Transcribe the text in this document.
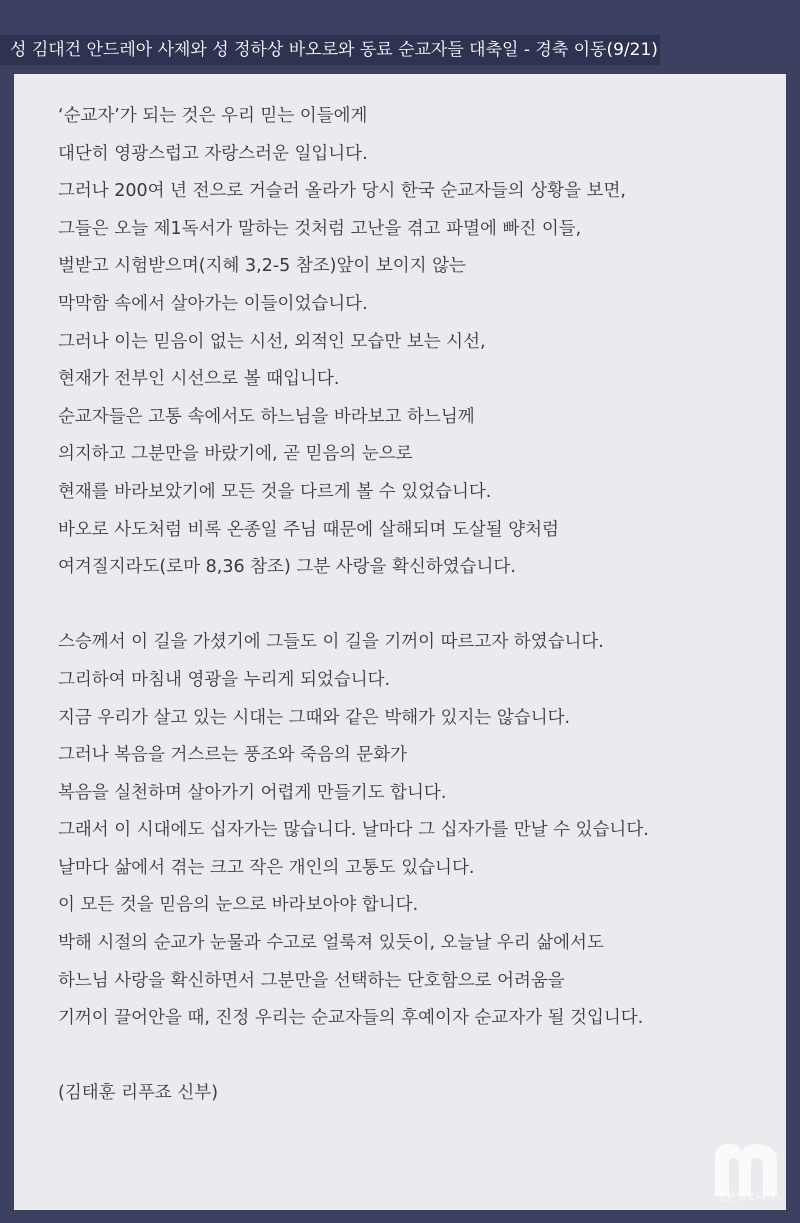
성 김대건 안드레아 사제와 성 정하상 바오로와 동료 순교자들 대축일 - 경축 이동(9/21)
‘순교자’가 되는 것은 우리 믿는 이들에게
대단히 영광스럽고 자랑스러운 일입니다.
그러나 200여 년 전으로 거슬러 올라가 당시 한국 순교자들의 상황을 보면,
그들은 오늘 제1독서가 말하는 것처럼 고난을 겪고 파멸에 빠진 이들,
벌받고 시험받으며(지혜 3,2-5 참조)앞이 보이지 않는
막막함 속에서 살아가는 이들이었습니다.
그러나 이는 믿음이 없는 시선, 외적인 모습만 보는 시선,
현재가 전부인 시선으로 볼 때입니다.
순교자들은 고통 속에서도 하느님을 바라보고 하느님께
의지하고 그분만을 바랐기에, 곧 믿음의 눈으로
현재를 바라보았기에 모든 것을 다르게 볼 수 있었습니다.
바오로 사도처럼 비록 온종일 주님 때문에 살해되며 도살될 양처럼
여겨질지라도(로마 8,36 참조) 그분 사랑을 확신하였습니다.
스승께서 이 길을 가셨기에 그들도 이 길을 기꺼이 따르고자 하였습니다.
그리하여 마침내 영광을 누리게 되었습니다.
지금 우리가 살고 있는 시대는 그때와 같은 박해가 있지는 않습니다.
그러나 복음을 거스르는 풍조와 죽음의 문화가
복음을 실천하며 살아가기 어렵게 만들기도 합니다.
그래서 이 시대에도 십자가는 많습니다. 날마다 그 십자가를 만날 수 있습니다.
날마다 삶에서 겪는 크고 작은 개인의 고통도 있습니다.
이 모든 것을 믿음의 눈으로 바라보아야 합니다.
박해 시절의 순교가 눈물과 수고로 얼룩져 있듯이, 오늘날 우리 삶에서도
하느님 사랑을 확신하면서 그분만을 선택하는 단호함으로 어려움을
기꺼이 끌어안을 때, 진정 우리는 순교자들의 후예이자 순교자가 될 것입니다.
(김태훈 리푸죠 신부)
김은영모니카
